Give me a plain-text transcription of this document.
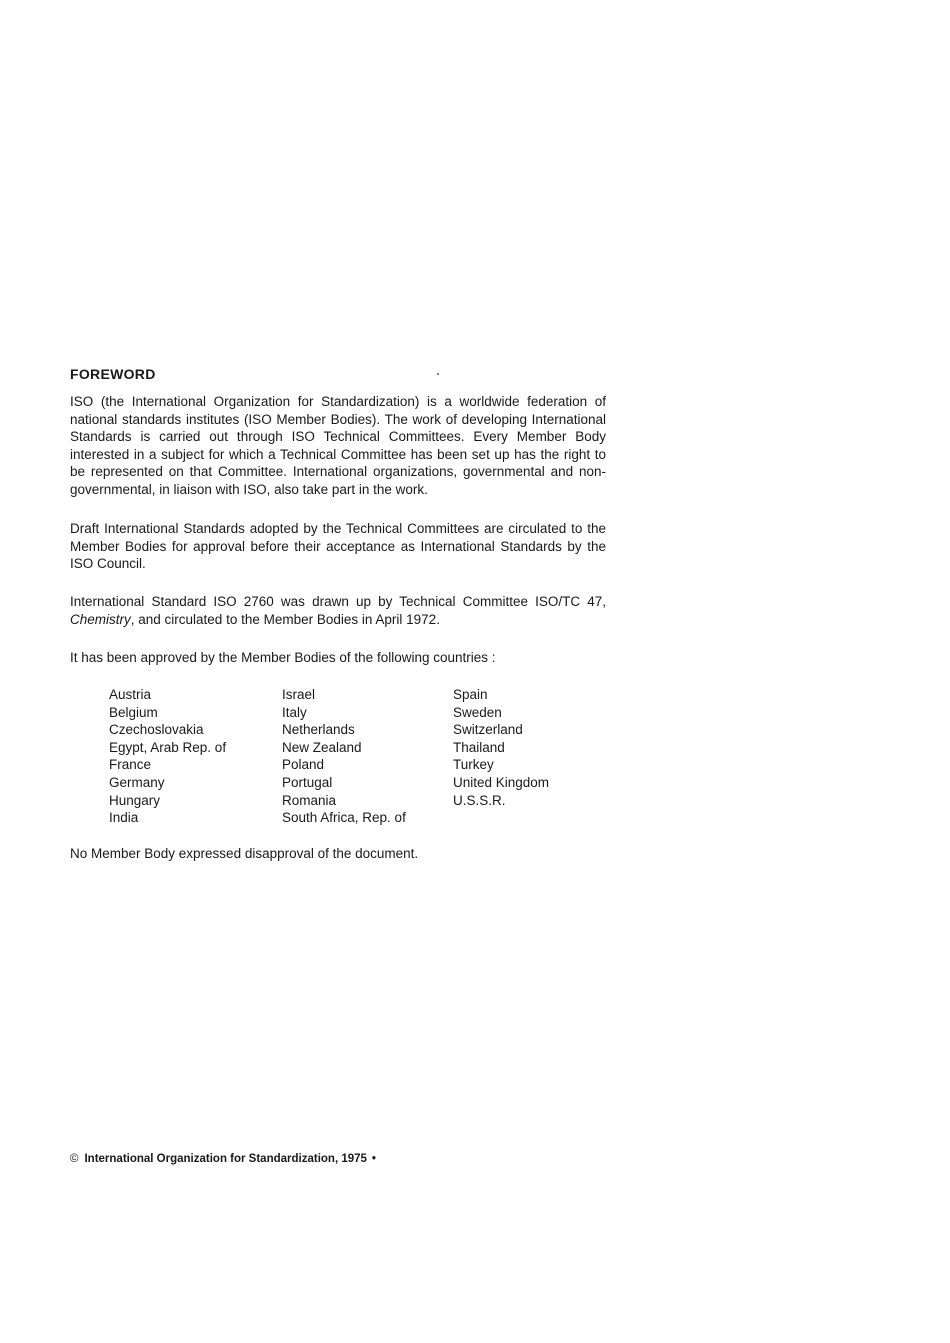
FOREWORD

ISO (the International Organization for Standardization) is a worldwide federation of national standards institutes (ISO Member Bodies). The work of developing International Standards is carried out through ISO Technical Committees. Every Member Body interested in a subject for which a Technical Committee has been set up has the right to be represented on that Committee. International organizations, governmental and non-governmental, in liaison with ISO, also take part in the work.

Draft International Standards adopted by the Technical Committees are circulated to the Member Bodies for approval before their acceptance as International Standards by the ISO Council.

International Standard ISO 2760 was drawn up by Technical Committee ISO/TC 47, Chemistry, and circulated to the Member Bodies in April 1972.

It has been approved by the Member Bodies of the following countries :

Austria
Belgium
Czechoslovakia
Egypt, Arab Rep. of
France
Germany
Hungary
India
Israel
Italy
Netherlands
New Zealand
Poland
Portugal
Romania
South Africa, Rep. of
Spain
Sweden
Switzerland
Thailand
Turkey
United Kingdom
U.S.S.R.

No Member Body expressed disapproval of the document.

© International Organization for Standardization, 1975 •
